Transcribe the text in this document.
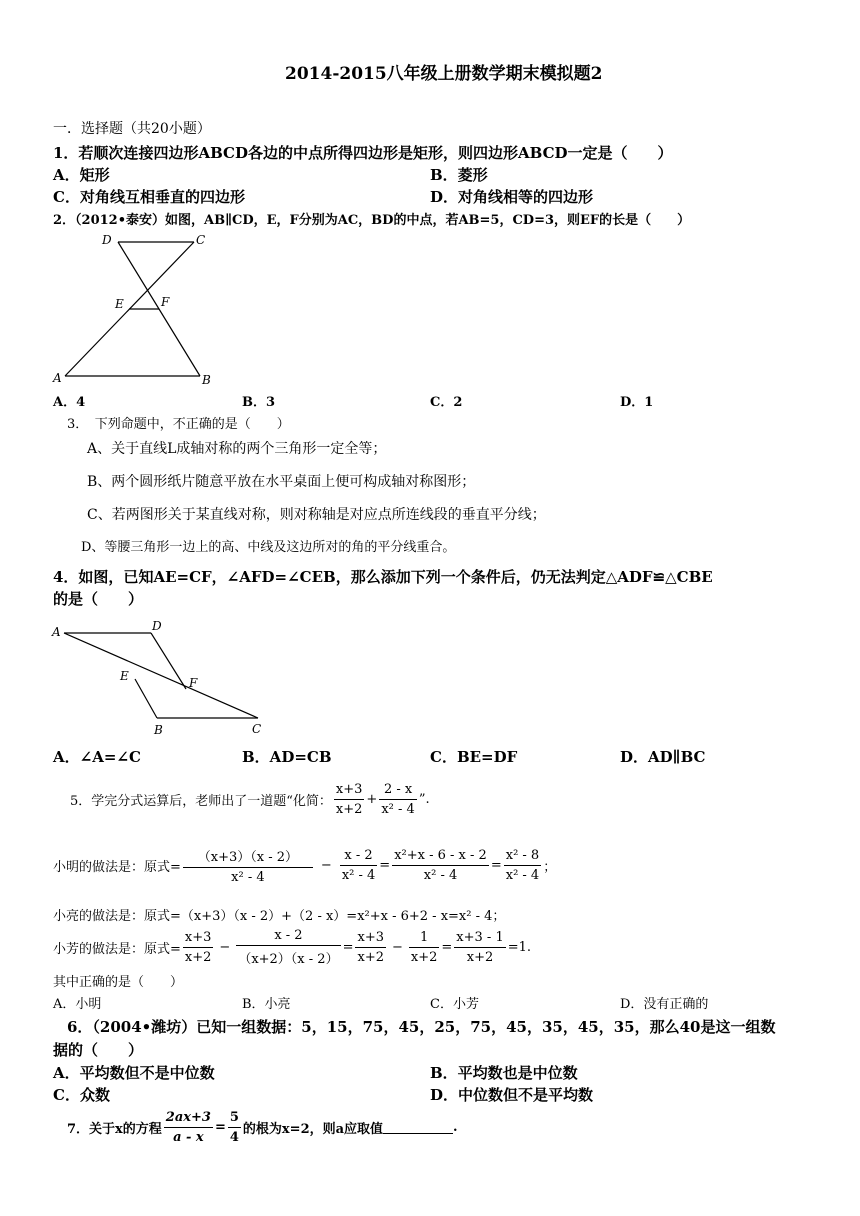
2014-2015八年级上册数学期末模拟题2
一．选择题（共20小题）
1．若顺次连接四边形ABCD各边的中点所得四边形是矩形，则四边形ABCD一定是（　　）
A．矩形	B．菱形
C．对角线互相垂直的四边形	D．对角线相等的四边形
2．（2012•泰安）如图，AB∥CD，E，F分别为AC，BD的中点，若AB=5，CD=3，则EF的长是（　　）
D	C
E	F
A	B
A．4	B．3	C．2	D．1
3．　下列命题中，不正确的是（　　）
A、关于直线L成轴对称的两个三角形一定全等；
B、两个圆形纸片随意平放在水平桌面上便可构成轴对称图形；
C、若两图形关于某直线对称，则对称轴是对应点所连线段的垂直平分线；
D、等腰三角形一边上的高、中线及这边所对的角的平分线重合。
4．如图，已知AE=CF，∠AFD=∠CEB，那么添加下列一个条件后，仍无法判定△ADF≌△CBE
的是（　　）
A	D
E	F
B	C
A．∠A=∠C	B．AD=CB	C．BE=DF	D．AD∥BC
5．学完分式运算后，老师出了一道题“化简： $\frac{x+3}{x+2} + \frac{2 - x}{\text{x² - 4}}$ ”.
小明的做法是：原式= $\frac{(x+3)(x - 2)}{\text{x² - 4}} - \frac{x - 2}{\text{x² - 4}} = \frac{\text{x²+x - 6 - x - 2}}{\text{x² - 4}} = \frac{\text{x² - 8}}{\text{x² - 4}}$ ；
小亮的做法是：原式=（x+3）（x - 2）+（2 - x）=x²+x - 6+2 - x=x² - 4；
小芳的做法是：原式= $\frac{x+3}{x+2} - \frac{x - 2}{(x+2)(x - 2)} = \frac{x+3}{x+2} - \frac{1}{x+2} = \frac{x+3 - 1}{x+2} =1$.
其中正确的是（　　）
A．小明	B．小亮	C．小芳	D．没有正确的
6．（2004•潍坊）已知一组数据：5，15，75，45，25，75，45，35，45，35，那么40是这一组数
据的（　　）
A．平均数但不是中位数	B．平均数也是中位数
C．众数	D．中位数但不是平均数
7．关于x的方程 $\frac{2ax+3}{a - x} = \frac{5}{4}$ 的根为x=2，则a应取值	.
